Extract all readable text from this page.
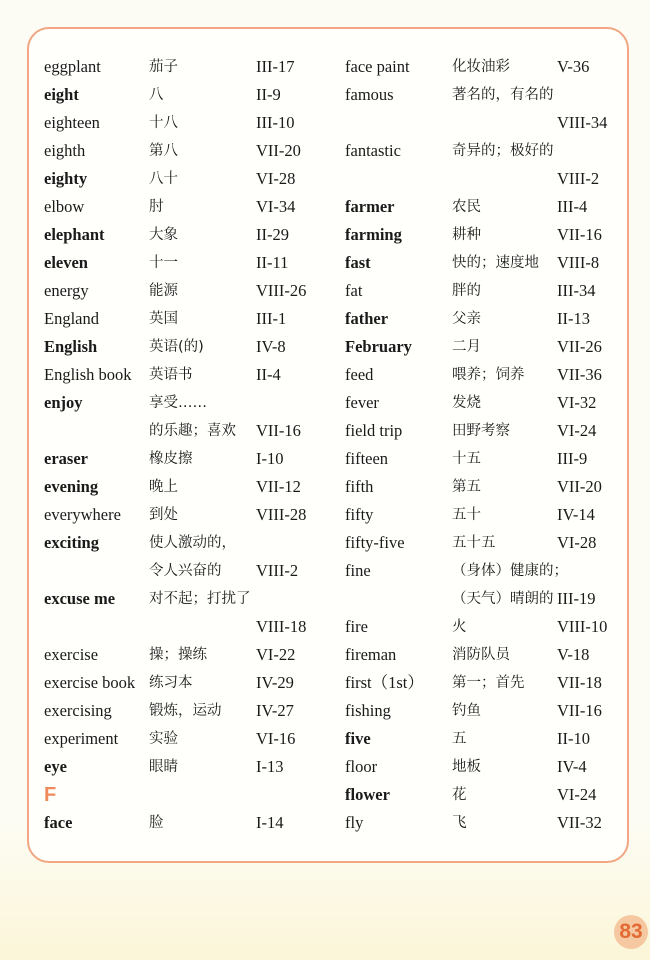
eggplant	茄子	III-17
eight	八	II-9
eighteen	十八	III-10
eighth	第八	VII-20
eighty	八十	VI-28
elbow	肘	VI-34
elephant	大象	II-29
eleven	十一	II-11
energy	能源	VIII-26
England	英国	III-1
English	英语(的)	IV-8
English book 英语书	II-4
enjoy	享受……
的乐趣；喜欢 VII-16
eraser	橡皮擦	I-10
evening	晚上	VII-12
everywhere 到处	VIII-28
exciting	使人激动的，
令人兴奋的 VIII-2
excuse me 对不起；打扰了
VIII-18
exercise	操；操练	VI-22
exercise book 练习本	IV-29
exercising	锻炼，运动 IV-27
experiment 实验	VI-16
eye	眼睛	I-13
F
face	脸	I-14
face paint	化妆油彩	V-36
famous	著名的，有名的
VIII-34
fantastic	奇异的；极好的
VIII-2
farmer	农民	III-4
farming	耕种	VII-16
fast	快的；速度地 VIII-8
fat	胖的	III-34
father	父亲	II-13
February	二月	VII-26
feed	喂养；饲养 VII-36
fever	发烧	VI-32
field trip	田野考察	VI-24
fifteen	十五	III-9
fifth	第五	VII-20
fifty	五十	IV-14
fifty-five	五十五	VI-28
fine	（身体）健康的；
（天气）晴朗的 III-19
fire	火	VIII-10
fireman	消防队员	V-18
first（1st） 第一；首先 VII-18
fishing	钓鱼	VII-16
five	五	II-10
floor	地板	IV-4
flower	花	VI-24
fly	飞	VII-32
83
